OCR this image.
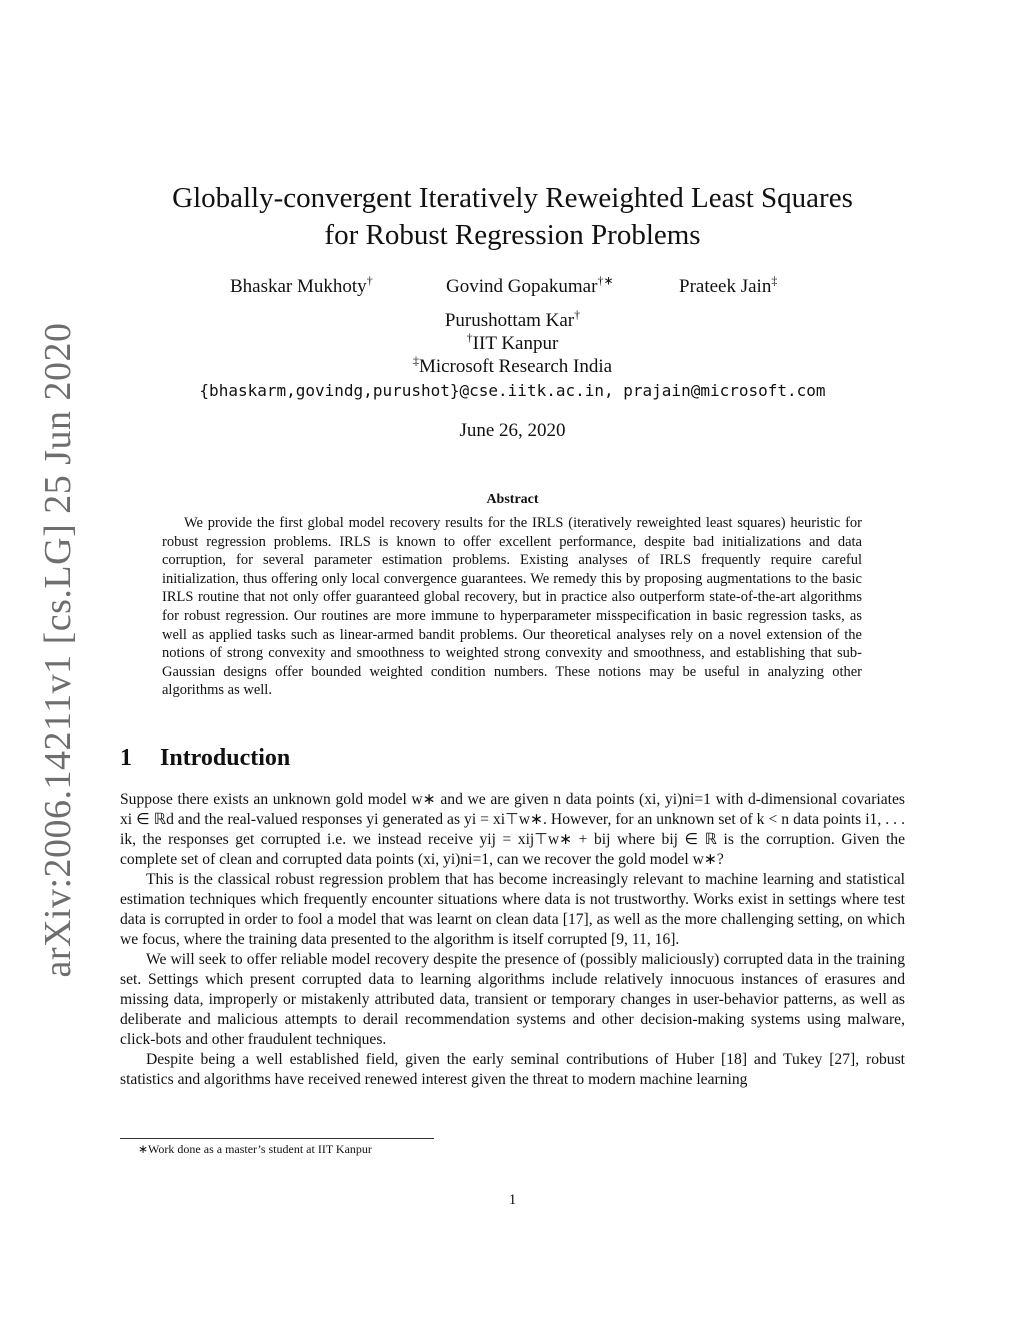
arXiv:2006.14211v1 [cs.LG] 25 Jun 2020
Globally-convergent Iteratively Reweighted Least Squares
for Robust Regression Problems
Bhaskar Mukhoty†	Govind Gopakumar†∗	Prateek Jain‡
Purushottam Kar†
†IIT Kanpur
‡Microsoft Research India
{bhaskarm,govindg,purushot}@cse.iitk.ac.in, prajain@microsoft.com
June 26, 2020
Abstract

We provide the first global model recovery results for the IRLS (iteratively reweighted least squares) heuristic for robust regression problems. IRLS is known to offer excellent performance, despite bad initializations and data corruption, for several parameter estimation problems. Existing analyses of IRLS frequently require careful initialization, thus offering only local convergence guarantees. We remedy this by proposing augmentations to the basic IRLS routine that not only offer guaranteed global recovery, but in practice also outperform state-of-the-art algorithms for robust regression. Our routines are more immune to hyperparameter misspecification in basic regression tasks, as well as applied tasks such as linear-armed bandit problems. Our theoretical analyses rely on a novel extension of the notions of strong convexity and smoothness to weighted strong convexity and smoothness, and establishing that sub-Gaussian designs offer bounded weighted condition numbers. These notions may be useful in analyzing other algorithms as well.

1 Introduction

Suppose there exists an unknown gold model w∗ and we are given n data points (xi, yi)ni=1 with d-dimensional covariates xi ∈ ℝd and the real-valued responses yi generated as yi = xi⊤w∗. However, for an unknown set of k < n data points i1, . . . ik, the responses get corrupted i.e. we instead receive yij = xij⊤w∗ + bij where bij ∈ ℝ is the corruption. Given the complete set of clean and corrupted data points (xi, yi)ni=1, can we recover the gold model w∗?

This is the classical robust regression problem that has become increasingly relevant to machine learning and statistical estimation techniques which frequently encounter situations where data is not trustworthy. Works exist in settings where test data is corrupted in order to fool a model that was learnt on clean data [17], as well as the more challenging setting, on which we focus, where the training data presented to the algorithm is itself corrupted [9, 11, 16].

We will seek to offer reliable model recovery despite the presence of (possibly maliciously) corrupted data in the training set. Settings which present corrupted data to learning algorithms include relatively innocuous instances of erasures and missing data, improperly or mistakenly attributed data, transient or temporary changes in user-behavior patterns, as well as deliberate and malicious attempts to derail recommendation systems and other decision-making systems using malware, click-bots and other fraudulent techniques.

Despite being a well established field, given the early seminal contributions of Huber [18] and Tukey [27], robust statistics and algorithms have received renewed interest given the threat to modern machine learning

∗Work done as a master’s student at IIT Kanpur
1
